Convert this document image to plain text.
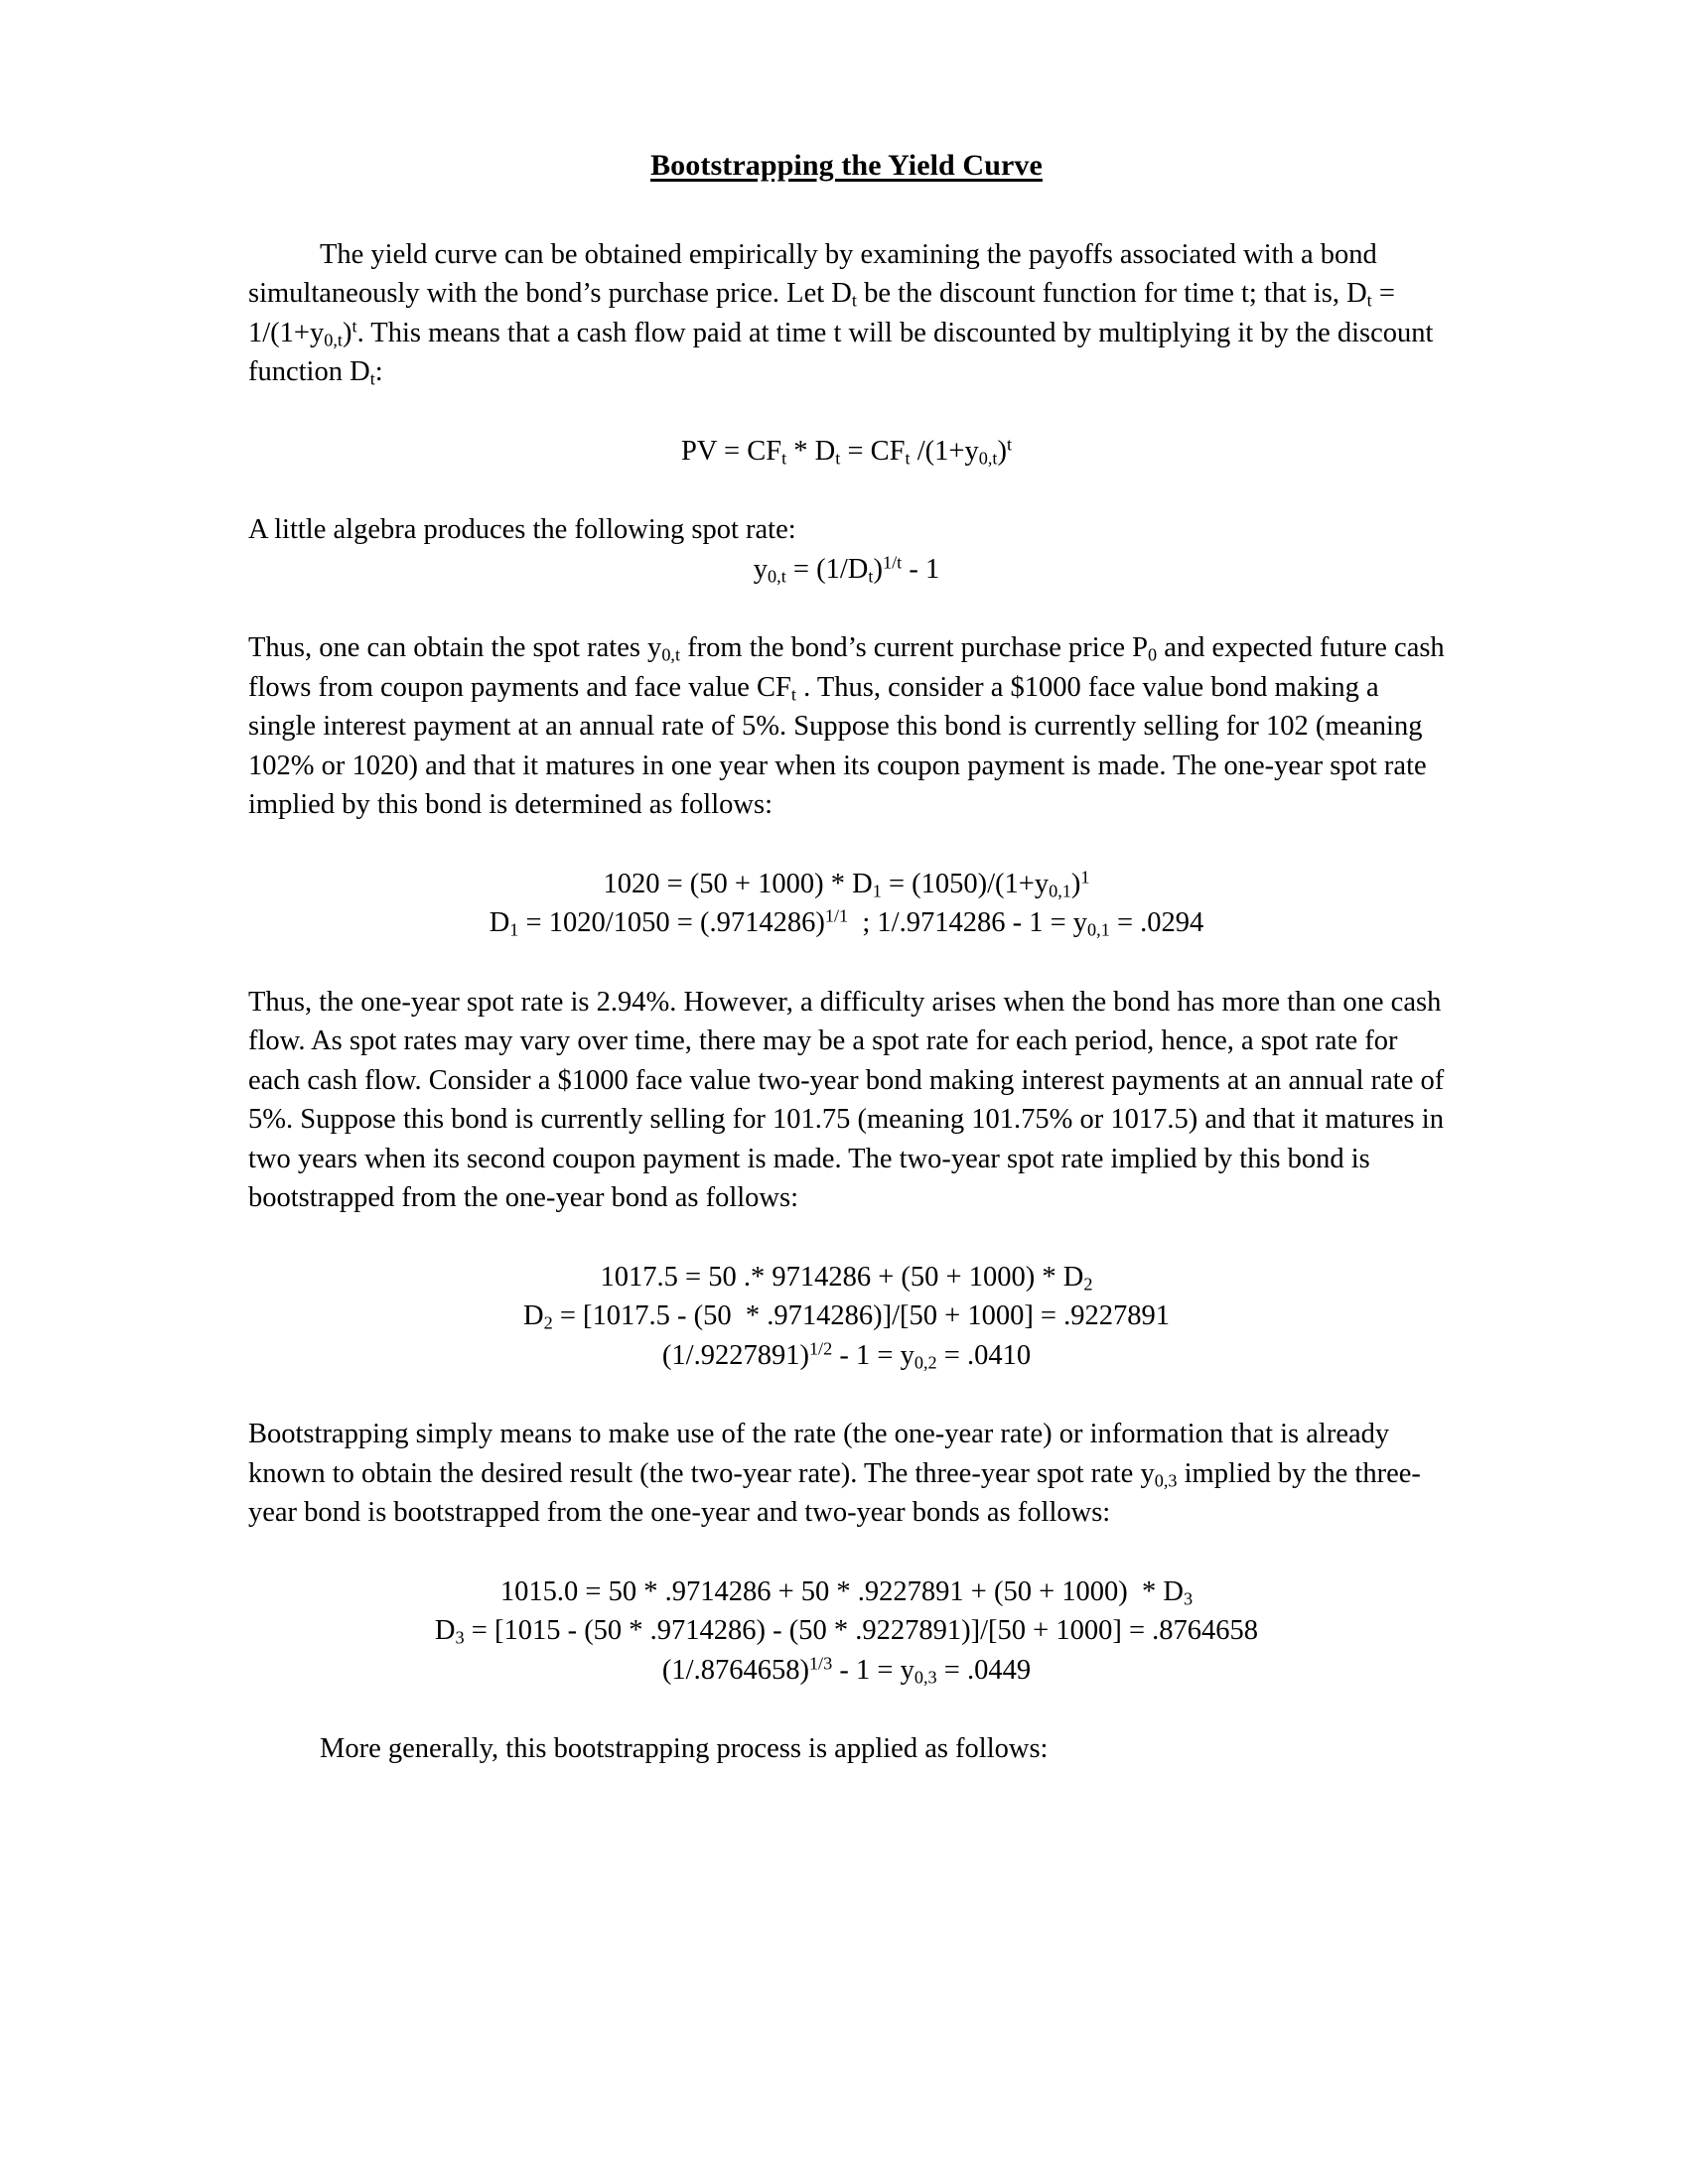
Bootstrapping the Yield Curve

The yield curve can be obtained empirically by examining the payoffs associated with a bond simultaneously with the bond’s purchase price. Let $D_t$ be the discount function for time t; that is, $D_t = 1/(1+y_{0,t})^t$. This means that a cash flow paid at time t will be discounted by multiplying it by the discount function $D_t$:

PV = $CF_t * D_t = CF_t$ $/(1+y_{0,t})^t$

A little algebra produces the following spot rate:

$y_{0,t} = (1/D_t)^{1/t} - 1$

Thus, one can obtain the spot rates $y_{0,t}$ from the bond’s current purchase price $P_0$ and expected future cash flows from coupon payments and face value $CF_t$ . Thus, consider a $1000 face value bond making a single interest payment at an annual rate of 5%. Suppose this bond is currently selling for 102 (meaning 102% or 1020) and that it matures in one year when its coupon payment is made. The one-year spot rate implied by this bond is determined as follows:

$1020 = (50 + 1000) * D_1 = (1050)/(1+y_{0,1})^1$
$D_1 = 1020/1050 = (.9714286)^{1/1}$  ; $1/.9714286 - 1 = y_{0,1} = .0294$

Thus, the one-year spot rate is 2.94%. However, a difficulty arises when the bond has more than one cash flow. As spot rates may vary over time, there may be a spot rate for each period, hence, a spot rate for each cash flow. Consider a $1000 face value two-year bond making interest payments at an annual rate of 5%. Suppose this bond is currently selling for 101.75 (meaning 101.75% or 1017.5) and that it matures in two years when its second coupon payment is made. The two-year spot rate implied by this bond is bootstrapped from the one-year bond as follows:

1017.5 = 50 .* $9714286 + (50 + 1000) * D_2$
$D_2 = [1017.5 - (50 * .9714286)]/[50 + 1000] = .9227891$
$(1/.9227891)^{1/2} - 1 = y_{0,2} = .0410$

Bootstrapping simply means to make use of the rate (the one-year rate) or information that is already known to obtain the desired result (the two-year rate). The three-year spot rate $y_{0,3}$ implied by the three-year bond is bootstrapped from the one-year and two-year bonds as follows:

$1015.0 = 50 * .9714286 + 50 * .9227891 + (50 + 1000) * D_3$
$D_3 = [1015 - (50 * .9714286) - (50 * .9227891)]/[50 + 1000] = .8764658$
$(1/.8764658)^{1/3} - 1 = y_{0,3} = .0449$

More generally, this bootstrapping process is applied as follows:
